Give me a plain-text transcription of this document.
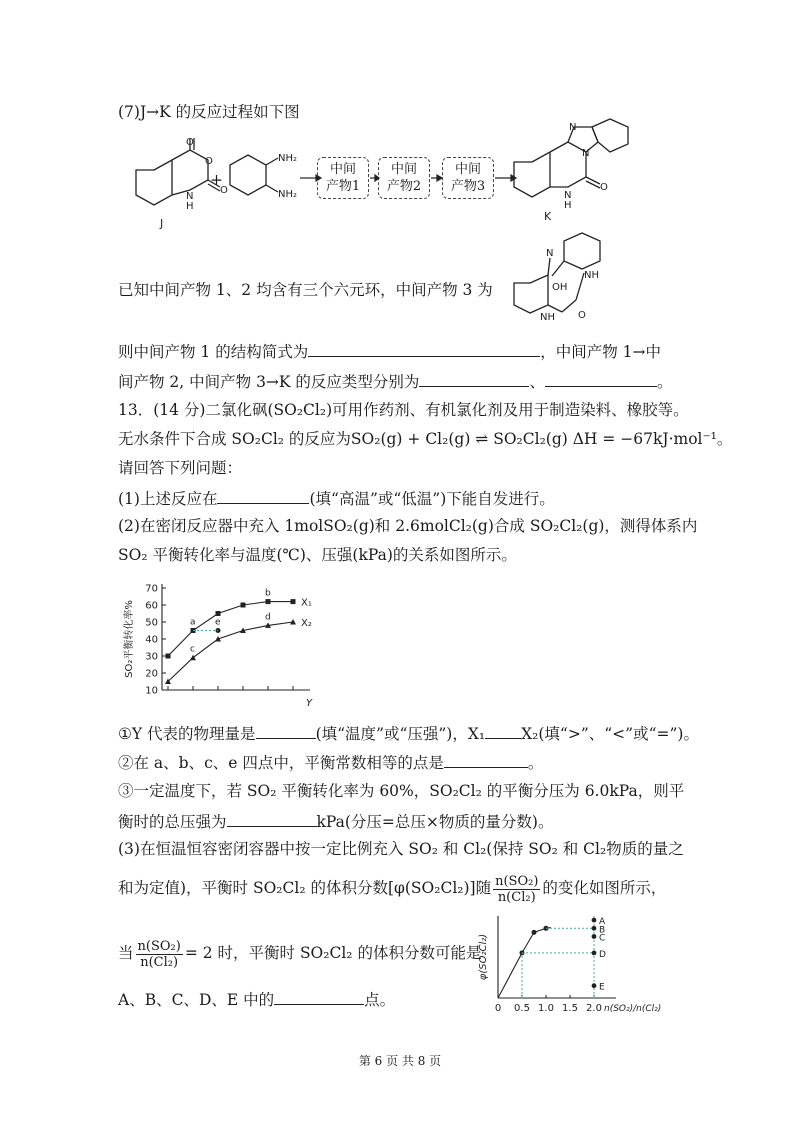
(7)J→K 的反应过程如下图
O
O
O
N
H
J
+
NH₂
NH₂
中间
产物1
中间
产物2
中间
产物3
N
N
O
N
H
K
已知中间产物 1、2 均含有三个六元环，中间产物 3 为
N
NH
OH
NH O
则中间产物 1 的结构简式为	，中间产物 1→中
间产物 2, 中间产物 3→K 的反应类型分别为	、	。
13．(14 分)二氯化砜(SO₂Cl₂)可用作药剂、有机氯化剂及用于制造染料、橡胶等。
无水条件下合成 SO₂Cl₂ 的反应为SO₂(g) + Cl₂(g) ⇌ SO₂Cl₂(g) ΔH = −67kJ·mol⁻¹。
请回答下列问题：
(1)上述反应在	(填“高温”或“低温”)下能自发进行。
(2)在密闭反应器中充入 1molSO₂(g)和 2.6molCl₂(g)合成 SO₂Cl₂(g)，测得体系内
SO₂ 平衡转化率与温度(℃)、压强(kPa)的关系如图所示。
10
20
30
40
50
60
70
SO₂平衡转化率%
Y
X₁
X₂
a
b
c
e
d
①Y 代表的物理量是	(填“温度”或“压强”)，X₁ X₂(填“>”、“<”或“=”)。
②在 a、b、c、e 四点中，平衡常数相等的点是	。
③一定温度下，若 SO₂ 平衡转化率为 60%，SO₂Cl₂ 的平衡分压为 6.0kPa，则平
衡时的总压强为	kPa(分压=总压×物质的量分数)。
(3)在恒温恒容密闭容器中按一定比例充入 SO₂ 和 Cl₂(保持 SO₂ 和 Cl₂物质的量之
和为定值)，平衡时 SO₂Cl₂ 的体积分数[φ(SO₂Cl₂)]随 $\frac{\text{n(SO₂)}}{\text{n(Cl₂)}}$ 的变化如图所示，
当 $\frac{\text{n(SO₂)}}{\text{n(Cl₂)}} = 2$ 时，平衡时 SO₂Cl₂ 的体积分数可能是
A、B、C、D、E 中的	点。	0 0.5 1.0 1.5 2.0 n(SO₂)/n(Cl₂)
φ(SO₂Cl₂)
A
B
C
D
E
第 6 页 共 8 页
